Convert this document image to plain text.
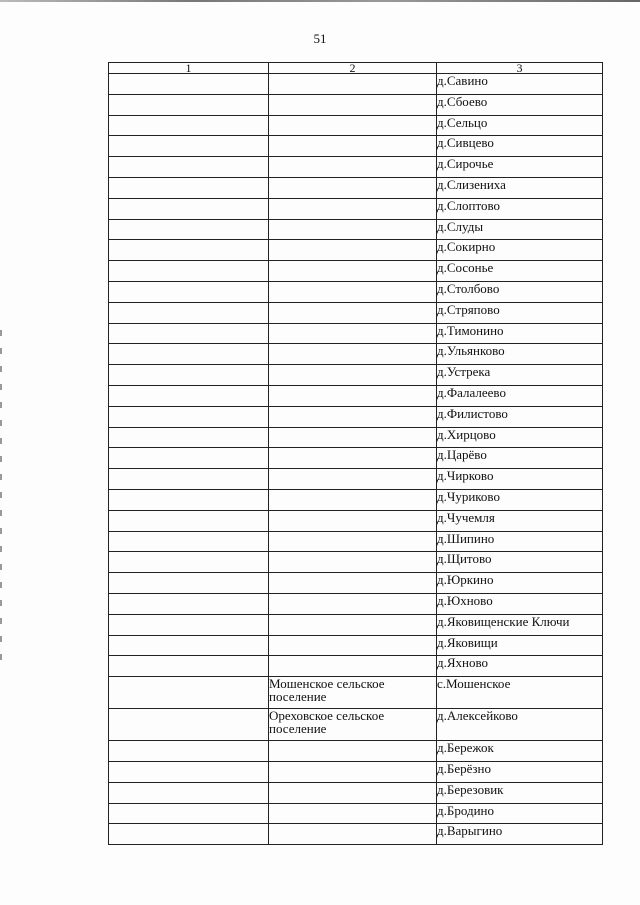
51
1	2	3
		д.Савино
		д.Сбоево
		д.Сельцо
		д.Сивцево
		д.Сирочье
		д.Слизениха
		д.Слоптово
		д.Слуды
		д.Сокирно
		д.Сосонье
		д.Столбово
		д.Стряпово
		д.Тимонино
		д.Ульянково
		д.Устрека
		д.Фалалеево
		д.Филистово
		д.Хирцово
		д.Царёво
		д.Чирково
		д.Чуриково
		д.Чучемля
		д.Шипино
		д.Щитово
		д.Юркино
		д.Юхново
		д.Яковищенские Ключи
		д.Яковищи
		д.Яхново
	Мошенское сельское поселение	с.Мошенское
	Ореховское сельское поселение	д.Алексейково
		д.Бережок
		д.Берёзно
		д.Березовик
		д.Бродино
		д.Варыгино
